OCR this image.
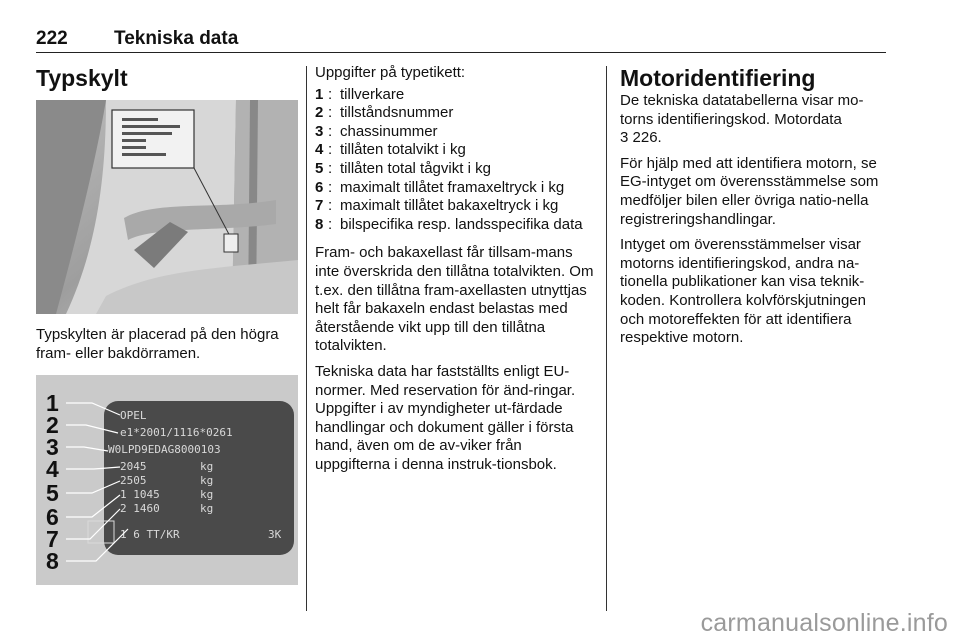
222 Tekniska data
Typskylt

Typskylten är placerad på den högra fram- eller bakdörramen.

OPEL
e1*2001/1116*0261
W0LPD9EDAG8000103
2045
2505
1 1045
2 1460
1 6 TT/KR
kg
kg
kg
kg
3K
1
2
3
4
5
6
7
8

Uppgifter på typetikett:

1 : tillverkare
2 : tillståndsnummer
3 : chassinummer
4 : tillåten totalvikt i kg
5 : tillåten total tågvikt i kg
6 : maximalt tillåtet framaxeltryck i kg
7 : maximalt tillåtet bakaxeltryck i kg
8 : bilspecifika resp. landsspecifika data

Fram- och bakaxellast får tillsam-mans inte överskrida den tillåtna totalvikten. Om t.ex. den tillåtna fram-axellasten utnyttjas helt får bakaxeln endast belastas med återstående vikt upp till den tillåtna totalvikten.

Tekniska data har fastställts enligt EU-normer. Med reservation för änd-ringar. Uppgifter i av myndigheter ut-färdade handlingar och dokument gäller i första hand, även om de av-viker från uppgifterna i denna instruk-tionsbok.

Motoridentifiering

De tekniska datatabellerna visar mo-torns identifieringskod. Motordata
3 226.

För hjälp med att identifiera motorn, se EG-intyget om överensstämmelse som medföljer bilen eller övriga natio-nella registreringshandlingar.

Intyget om överensstämmelser visar motorns identifieringskod, andra na-tionella publikationer kan visa teknik-koden. Kontrollera kolvförskjutningen och motoreffekten för att identifiera respektive motorn.

carmanualsonline.info
